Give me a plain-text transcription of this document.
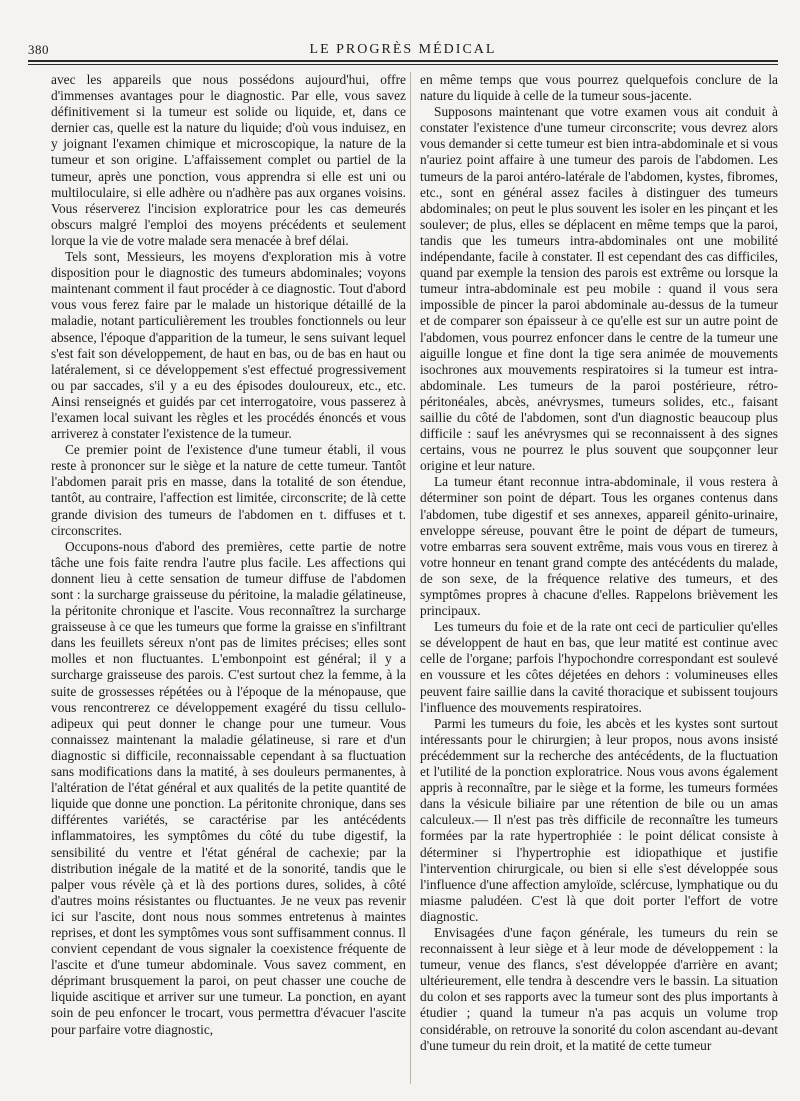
380	LE PROGRÈS MÉDICAL

avec les appareils que nous possédons aujourd'hui, offre d'immenses avantages pour le diagnostic. Par elle, vous savez définitivement si la tumeur est solide ou liquide, et, dans ce dernier cas, quelle est la nature du liquide; d'où vous induisez, en y joignant l'examen chimique et microscopique, la nature de la tumeur et son origine. L'affaissement complet ou partiel de la tumeur, après une ponction, vous apprendra si elle est uni ou multiloculaire, si elle adhère ou n'adhère pas aux organes voisins. Vous réserverez l'incision exploratrice pour les cas demeurés obscurs malgré l'emploi des moyens précédents et seulement lorque la vie de votre malade sera menacée à bref délai.

Tels sont, Messieurs, les moyens d'exploration mis à votre disposition pour le diagnostic des tumeurs abdominales; voyons maintenant comment il faut procéder à ce diagnostic. Tout d'abord vous vous ferez faire par le malade un historique détaillé de la maladie, notant particulièrement les troubles fonctionnels ou leur absence, l'époque d'apparition de la tumeur, le sens suivant lequel s'est fait son développement, de haut en bas, ou de bas en haut ou latéralement, si ce développement s'est effectué progressivement ou par saccades, s'il y a eu des épisodes douloureux, etc., etc. Ainsi renseignés et guidés par cet interrogatoire, vous passerez à l'examen local suivant les règles et les procédés énoncés et vous arriverez à constater l'existence de la tumeur.

Ce premier point de l'existence d'une tumeur établi, il vous reste à prononcer sur le siège et la nature de cette tumeur. Tantôt l'abdomen parait pris en masse, dans la totalité de son étendue, tantôt, au contraire, l'affection est limitée, circonscrite; de là cette grande division des tumeurs de l'abdomen en t. diffuses et t. circonscrites.

Occupons-nous d'abord des premières, cette partie de notre tâche une fois faite rendra l'autre plus facile. Les affections qui donnent lieu à cette sensation de tumeur diffuse de l'abdomen sont : la surcharge graisseuse du péritoine, la maladie gélatineuse, la péritonite chronique et l'ascite. Vous reconnaîtrez la surcharge graisseuse à ce que les tumeurs que forme la graisse en s'infiltrant dans les feuillets séreux n'ont pas de limites précises; elles sont molles et non fluctuantes. L'embonpoint est général; il y a surcharge graisseuse des parois. C'est surtout chez la femme, à la suite de grossesses répétées ou à l'époque de la ménopause, que vous rencontrerez ce développement exagéré du tissu cellulo-adipeux qui peut donner le change pour une tumeur. Vous connaissez maintenant la maladie gélatineuse, si rare et d'un diagnostic si difficile, reconnaissable cependant à sa fluctuation sans modifications dans la matité, à ses douleurs permanentes, à l'altération de l'état général et aux qualités de la petite quantité de liquide que donne une ponction. La péritonite chronique, dans ses différentes variétés, se caractérise par les antécédents inflammatoires, les symptômes du côté du tube digestif, la sensibilité du ventre et l'état général de cachexie; par la distribution inégale de la matité et de la sonorité, tandis que le palper vous révèle çà et là des portions dures, solides, à côté d'autres moins résistantes ou fluctuantes. Je ne veux pas revenir ici sur l'ascite, dont nous nous sommes entretenus à maintes reprises, et dont les symptômes vous sont suffisamment connus. Il convient cependant de vous signaler la coexistence fréquente de l'ascite et d'une tumeur abdominale. Vous savez comment, en déprimant brusquement la paroi, on peut chasser une couche de liquide ascitique et arriver sur une tumeur. La ponction, en ayant soin de peu enfoncer le trocart, vous permettra d'évacuer l'ascite pour parfaire votre diagnostic,

en même temps que vous pourrez quelquefois conclure de la nature du liquide à celle de la tumeur sous-jacente.

Supposons maintenant que votre examen vous ait conduit à constater l'existence d'une tumeur circonscrite; vous devrez alors vous demander si cette tumeur est bien intra-abdominale et si vous n'auriez point affaire à une tumeur des parois de l'abdomen. Les tumeurs de la paroi antéro-latérale de l'abdomen, kystes, fibromes, etc., sont en général assez faciles à distinguer des tumeurs abdominales; on peut le plus souvent les isoler en les pinçant et les soulever; de plus, elles se déplacent en même temps que la paroi, tandis que les tumeurs intra-abdominales ont une mobilité indépendante, facile à constater. Il est cependant des cas difficiles, quand par exemple la tension des parois est extrême ou lorsque la tumeur intra-abdominale est peu mobile : quand il vous sera impossible de pincer la paroi abdominale au-dessus de la tumeur et de comparer son épaisseur à ce qu'elle est sur un autre point de l'abdomen, vous pourrez enfoncer dans le centre de la tumeur une aiguille longue et fine dont la tige sera animée de mouvements isochrones aux mouvements respiratoires si la tumeur est intra-abdominale. Les tumeurs de la paroi postérieure, rétro-péritonéales, abcès, anévrysmes, tumeurs solides, etc., faisant saillie du côté de l'abdomen, sont d'un diagnostic beaucoup plus difficile : sauf les anévrysmes qui se reconnaissent à des signes certains, vous ne pourrez le plus souvent que soupçonner leur origine et leur nature.

La tumeur étant reconnue intra-abdominale, il vous restera à déterminer son point de départ. Tous les organes contenus dans l'abdomen, tube digestif et ses annexes, appareil génito-urinaire, enveloppe séreuse, pouvant être le point de départ de tumeurs, votre embarras sera souvent extrême, mais vous vous en tirerez à votre honneur en tenant grand compte des antécédents du malade, de son sexe, de la fréquence relative des tumeurs, et des symptômes propres à chacune d'elles. Rappelons brièvement les principaux.

Les tumeurs du foie et de la rate ont ceci de particulier qu'elles se développent de haut en bas, que leur matité est continue avec celle de l'organe; parfois l'hypochondre correspondant est soulevé en voussure et les côtes déjetées en dehors : volumineuses elles peuvent faire saillie dans la cavité thoracique et subissent toujours l'influence des mouvements respiratoires.

Parmi les tumeurs du foie, les abcès et les kystes sont surtout intéressants pour le chirurgien; à leur propos, nous avons insisté précédemment sur la recherche des antécédents, de la fluctuation et l'utilité de la ponction exploratrice. Nous vous avons également appris à reconnaître, par le siège et la forme, les tumeurs formées dans la vésicule biliaire par une rétention de bile ou un amas calculeux.— Il n'est pas très difficile de reconnaître les tumeurs formées par la rate hypertrophiée : le point délicat consiste à déterminer si l'hypertrophie est idiopathique et justifie l'intervention chirurgicale, ou bien si elle s'est développée sous l'influence d'une affection amyloïde, sclércuse, lymphatique ou du miasme paludéen. C'est là que doit porter l'effort de votre diagnostic.

Envisagées d'une façon générale, les tumeurs du rein se reconnaissent à leur siège et à leur mode de développement : la tumeur, venue des flancs, s'est développée d'arrière en avant; ultérieurement, elle tendra à descendre vers le bassin. La situation du colon et ses rapports avec la tumeur sont des plus importants à étudier ; quand la tumeur n'a pas acquis un volume trop considérable, on retrouve la sonorité du colon ascendant au-devant d'une tumeur du rein droit, et la matité de cette tumeur
